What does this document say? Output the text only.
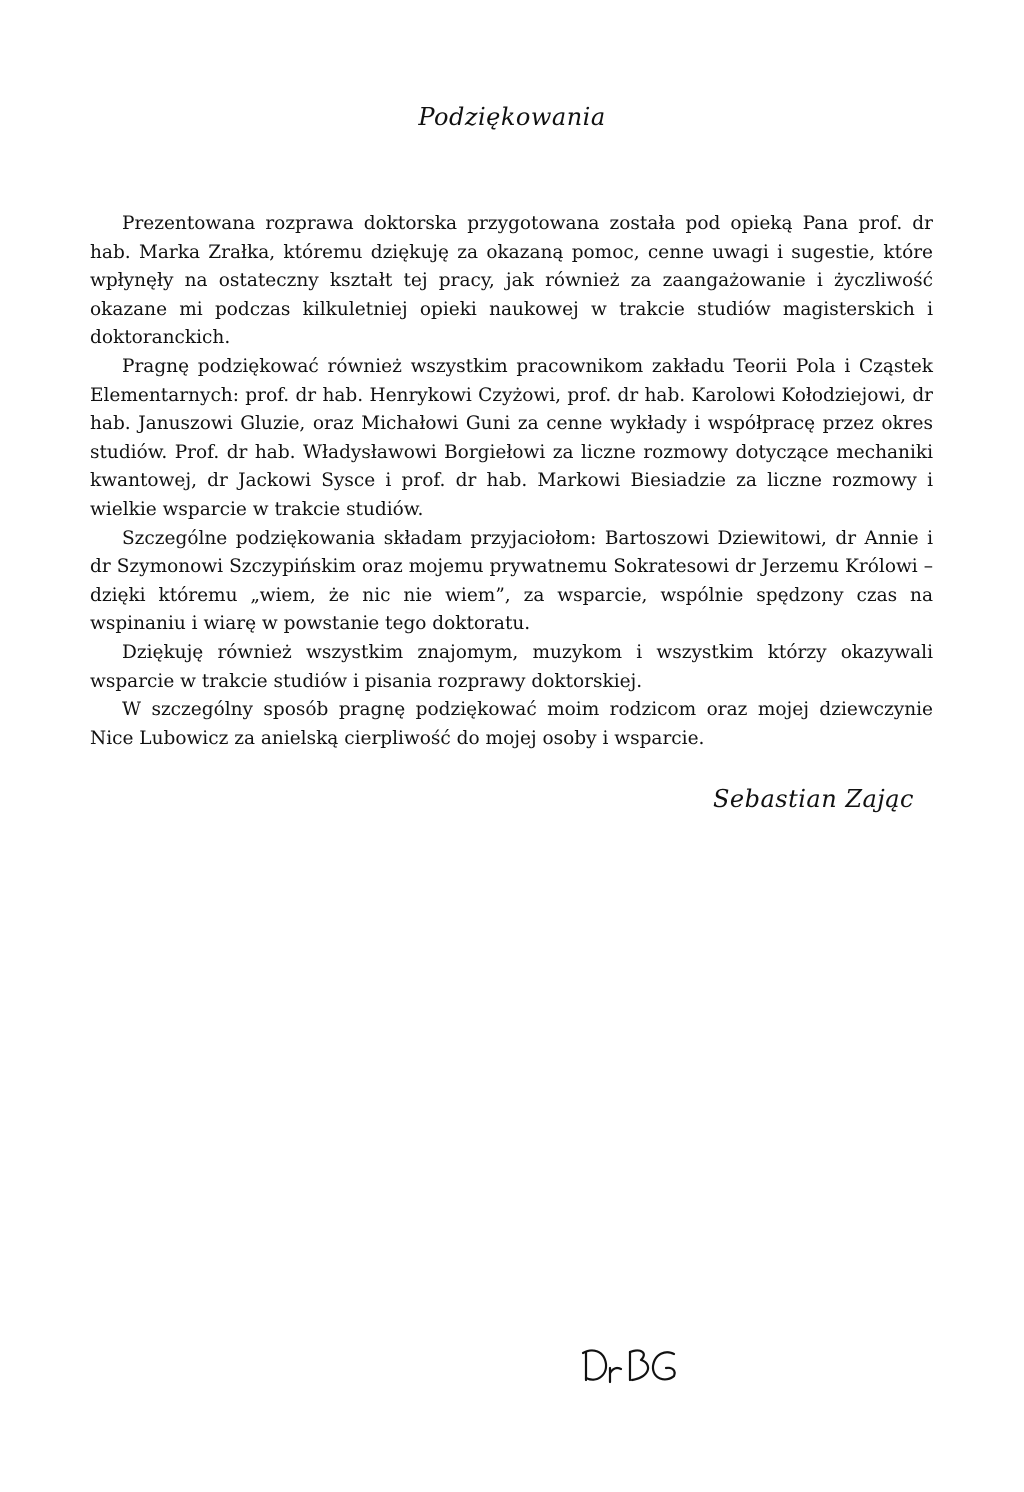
Podziękowania

Prezentowana rozprawa doktorska przygotowana została pod opieką Pana prof. dr hab. Marka Zrałka, któremu dziękuję za okazaną pomoc, cenne uwagi i sugestie, które wpłynęły na ostateczny kształt tej pracy, jak również za zaangażowanie i życzliwość okazane mi podczas kilkuletniej opieki naukowej w trakcie studiów magisterskich i doktoranckich.

Pragnę podziękować również wszystkim pracownikom zakładu Teorii Pola i Cząstek Elementarnych: prof. dr hab. Henrykowi Czyżowi, prof. dr hab. Karolowi Kołodziejowi, dr hab. Januszowi Gluzie, oraz Michałowi Guni za cenne wykłady i współpracę przez okres studiów. Prof. dr hab. Władysławowi Borgiełowi za liczne rozmowy dotyczące mechaniki kwantowej, dr Jackowi Sysce i prof. dr hab. Markowi Biesiadzie za liczne rozmowy i wielkie wsparcie w trakcie studiów.

Szczególne podziękowania składam przyjaciołom: Bartoszowi Dziewitowi, dr Annie i dr Szymonowi Szczypińskim oraz mojemu prywatnemu Sokratesowi dr Jerzemu Królowi – dzięki któremu „wiem, że nic nie wiem”, za wsparcie, wspólnie spędzony czas na wspinaniu i wiarę w powstanie tego doktoratu.

Dziękuję również wszystkim znajomym, muzykom i wszystkim którzy okazywali wsparcie w trakcie studiów i pisania rozprawy doktorskiej.

W szczególny sposób pragnę podziękować moim rodzicom oraz mojej dziewczynie Nice Lubowicz za anielską cierpliwość do mojej osoby i wsparcie.

Sebastian Zając
